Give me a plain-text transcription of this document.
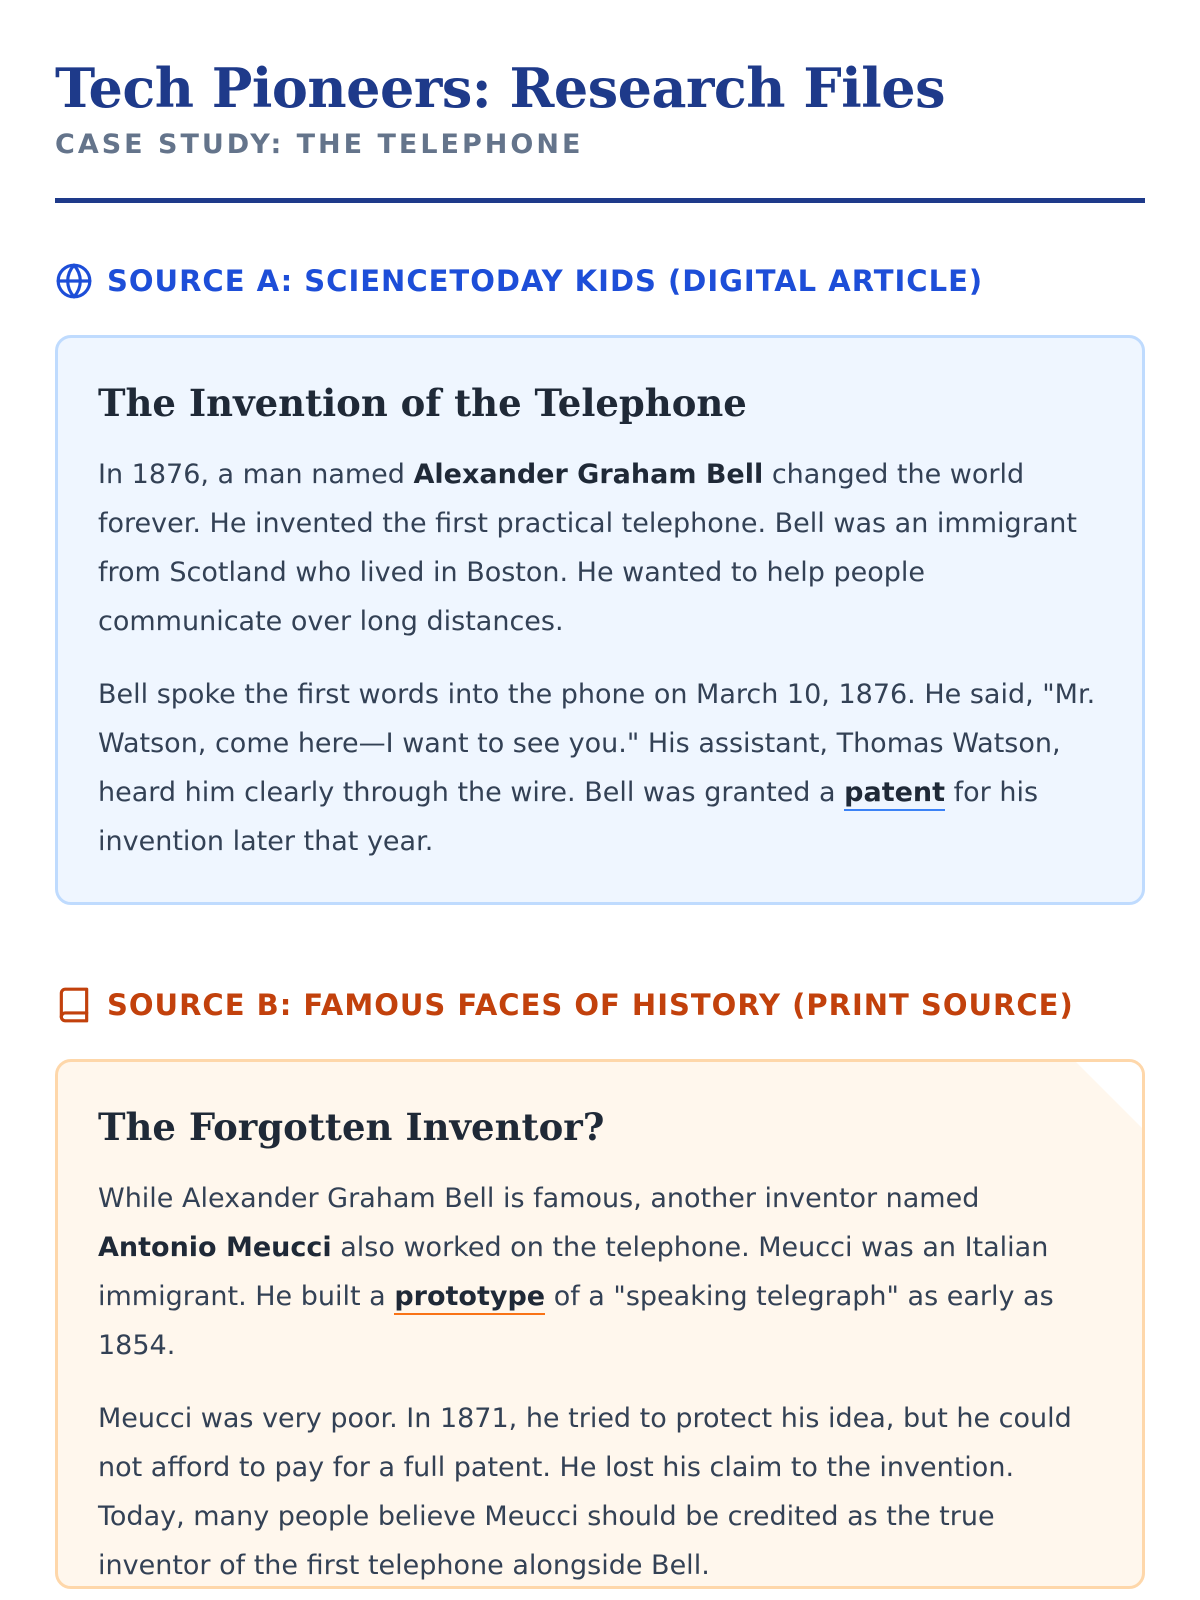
Tech Pioneers: Research Files

CASE STUDY: THE TELEPHONE

SOURCE A: SCIENCETODAY KIDS (DIGITAL ARTICLE)
The Invention of the Telephone

In 1876, a man named Alexander Graham Bell changed the world forever. He invented the first practical telephone. Bell was an immigrant from Scotland who lived in Boston. He wanted to help people communicate over long distances.

Bell spoke the first words into the phone on March 10, 1876. He said, "Mr. Watson, come here—I want to see you." His assistant, Thomas Watson, heard him clearly through the wire. Bell was granted a patent for his invention later that year.

SOURCE B: FAMOUS FACES OF HISTORY (PRINT SOURCE)
The Forgotten Inventor?

While Alexander Graham Bell is famous, another inventor named Antonio Meucci also worked on the telephone. Meucci was an Italian immigrant. He built a prototype of a "speaking telegraph" as early as 1854.

Meucci was very poor. In 1871, he tried to protect his idea, but he could not afford to pay for a full patent. He lost his claim to the invention. Today, many people believe Meucci should be credited as the true inventor of the first telephone alongside Bell.
